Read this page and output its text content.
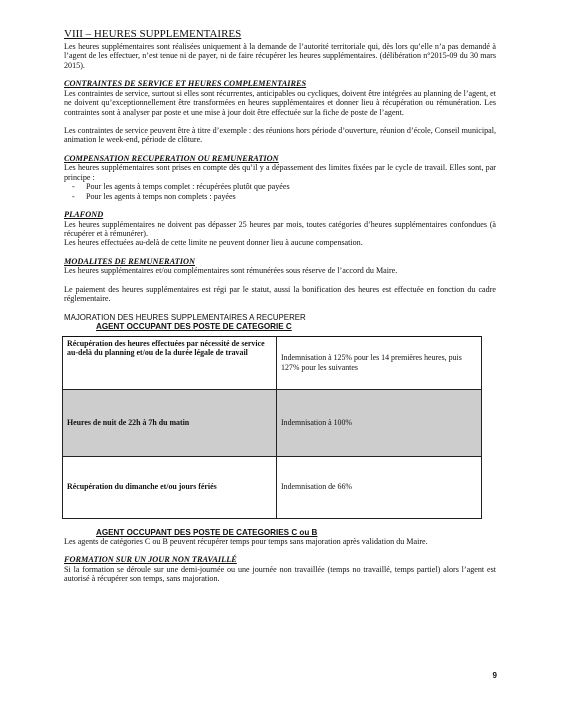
VIII – HEURES SUPPLEMENTAIRES

Les heures supplémentaires sont réalisées uniquement à la demande de l’autorité territoriale qui, dès lors qu’elle n’a pas demandé à l’agent de les effectuer, n’est tenue ni de payer, ni de faire récupérer les heures supplémentaires. (délibération n°2015-09 du 30 mars 2015).

CONTRAINTES DE SERVICE ET HEURES COMPLEMENTAIRES

Les contraintes de service, surtout si elles sont récurrentes, anticipables ou cycliques, doivent être intégrées au planning de l’agent, et ne doivent qu’exceptionnellement être transformées en heures supplémentaires et donner lieu à récupération ou rémunération. Les contraintes sont à analyser par poste et une mise à jour doit être effectuée sur la fiche de poste de l’agent.

Les contraintes de service peuvent être à titre d’exemple : des réunions hors période d’ouverture, réunion d’école, Conseil municipal, animation le week-end, période de clôture.

COMPENSATION RECUPERATION OU REMUNERATION

Les heures supplémentaires sont prises en compte dès qu’il y a dépassement des limites fixées par le cycle de travail. Elles sont, par principe :

- Pour les agents à temps complet : récupérées plutôt que payées
- Pour les agents à temps non complets : payées
PLAFOND

Les heures supplémentaires ne doivent pas dépasser 25 heures par mois, toutes catégories d’heures supplémentaires confondues (à récupérer et à rémunérer).

Les heures effectuées au-delà de cette limite ne peuvent donner lieu à aucune compensation.

MODALITES DE REMUNERATION

Les heures supplémentaires et/ou complémentaires sont rémunérées sous réserve de l’accord du Maire.

Le paiement des heures supplémentaires est régi par le statut, aussi la bonification des heures est effectuée en fonction du cadre réglementaire.

MAJORATION DES HEURES SUPPLEMENTAIRES A RECUPERER
AGENT OCCUPANT DES POSTE DE CATEGORIE C
Récupération des heures effectuées par nécessité de service au-delà du planning et/ou de la durée légale de travail	Indemnisation à 125% pour les 14 premières heures, puis 127% pour les suivantes
Heures de nuit de 22h à 7h du matin	Indemnisation à 100%
Récupération du dimanche et/ou jours fériés	Indemnisation de 66%
AGENT OCCUPANT DES POSTE DE CATEGORIES C ou B

Les agents de catégories C ou B peuvent récupérer temps pour temps sans majoration après validation du Maire.

FORMATION SUR UN JOUR NON TRAVAILLÉ

Si la formation se déroule sur une demi-journée ou une journée non travaillée (temps no travaillé, temps partiel) alors l’agent est autorisé à récupérer son temps, sans majoration.

9
